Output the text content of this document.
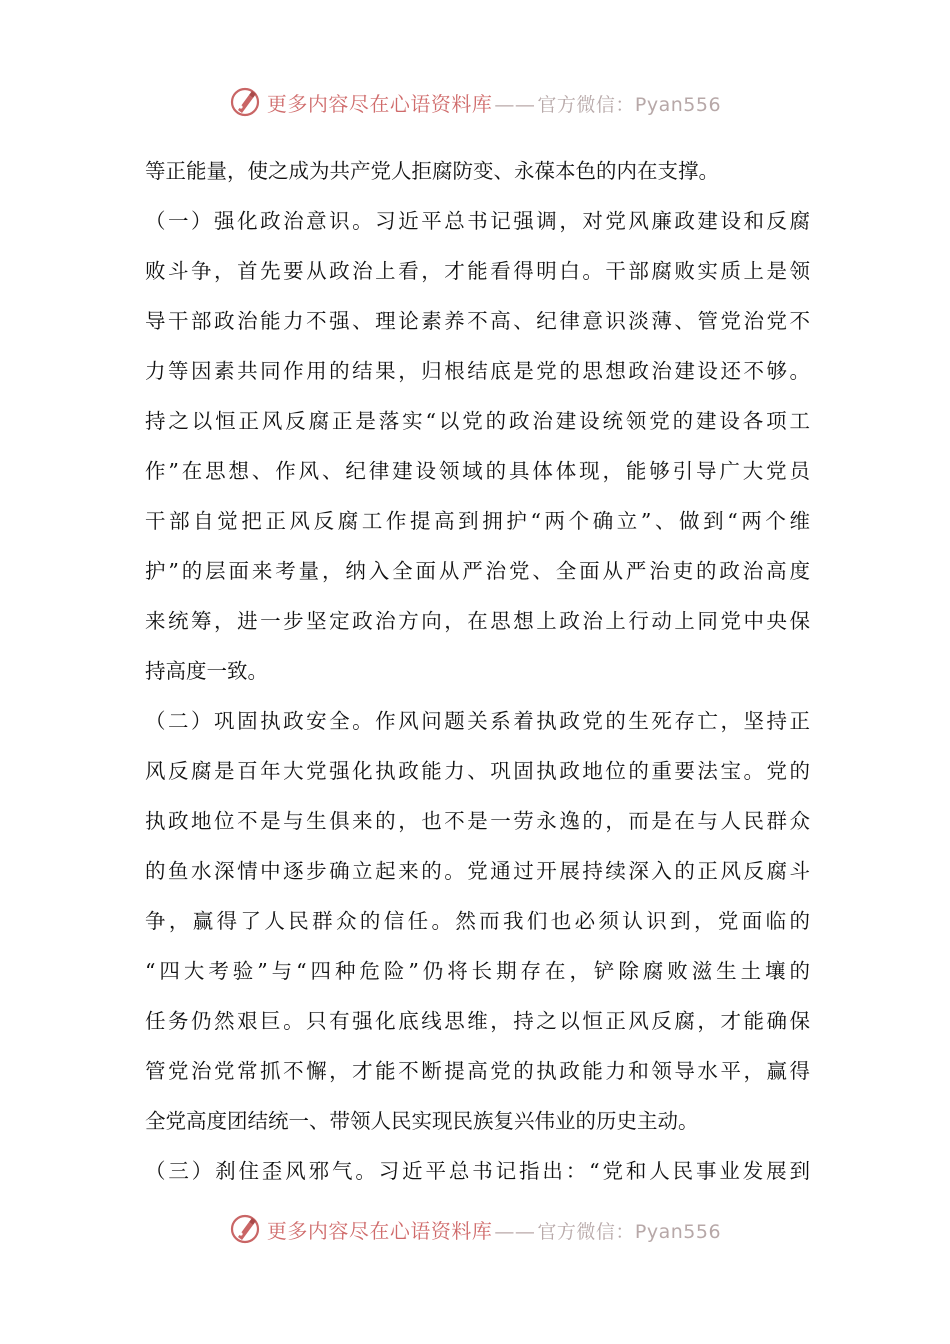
更多内容尽在心语资料库 —— 官方微信：Pyan556
等正能量，使之成为共产党人拒腐防变、永葆本色的内在支撑。
（一）强化政治意识。习近平总书记强调，对党风廉政建设和反腐
败斗争，首先要从政治上看，才能看得明白。干部腐败实质上是领
导干部政治能力不强、理论素养不高、纪律意识淡薄、管党治党不
力等因素共同作用的结果，归根结底是党的思想政治建设还不够。
持之以恒正风反腐正是落实“以党的政治建设统领党的建设各项工
作”在思想、作风、纪律建设领域的具体体现，能够引导广大党员
干部自觉把正风反腐工作提高到拥护“两个确立”、做到“两个维
护”的层面来考量，纳入全面从严治党、全面从严治吏的政治高度
来统筹，进一步坚定政治方向，在思想上政治上行动上同党中央保
持高度一致。
（二）巩固执政安全。作风问题关系着执政党的生死存亡，坚持正
风反腐是百年大党强化执政能力、巩固执政地位的重要法宝。党的
执政地位不是与生俱来的，也不是一劳永逸的，而是在与人民群众
的鱼水深情中逐步确立起来的。党通过开展持续深入的正风反腐斗
争，赢得了人民群众的信任。然而我们也必须认识到，党面临的
“四大考验”与“四种危险”仍将长期存在，铲除腐败滋生土壤的
任务仍然艰巨。只有强化底线思维，持之以恒正风反腐，才能确保
管党治党常抓不懈，才能不断提高党的执政能力和领导水平，赢得
全党高度团结统一、带领人民实现民族复兴伟业的历史主动。
（三）刹住歪风邪气。习近平总书记指出：“党和人民事业发展到
更多内容尽在心语资料库 —— 官方微信：Pyan556
